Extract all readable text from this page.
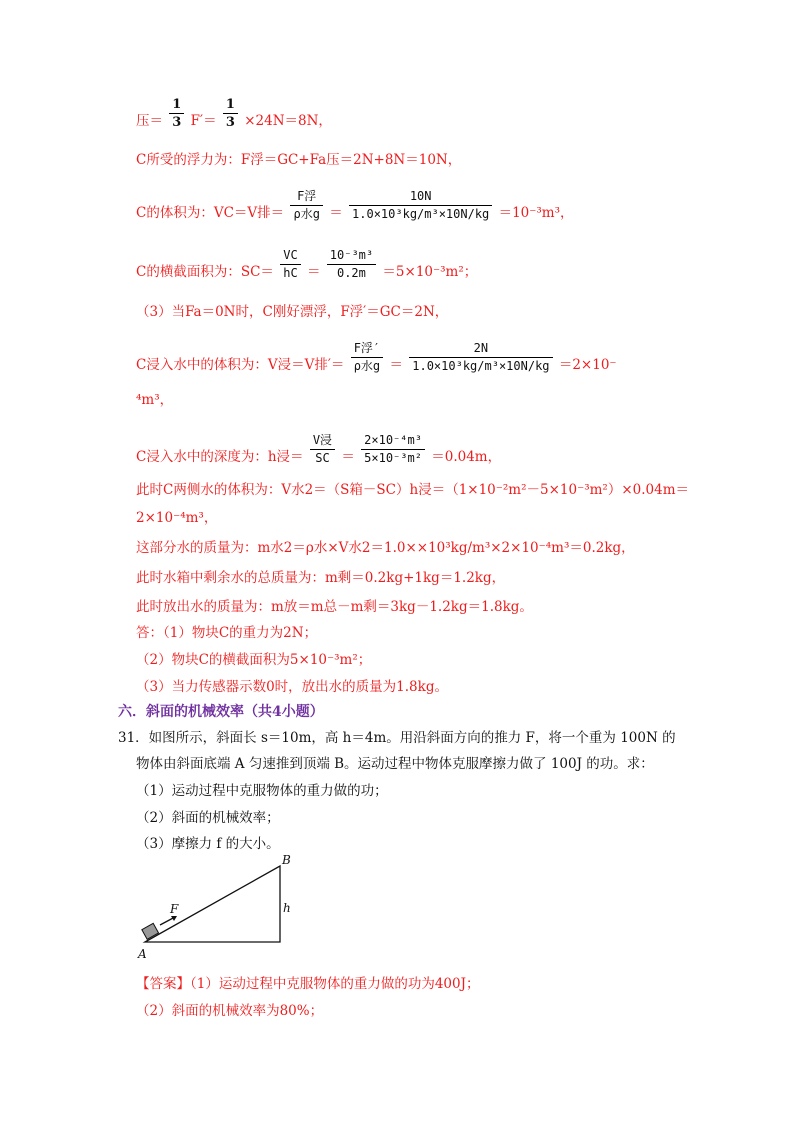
压＝ $\frac{1}{3} F'= \frac{1}{3} \times 24N=8N$，
C所受的浮力为：F浮＝GC+Fa压＝2N+8N＝10N，
C的体积为：VC＝V排＝ $\frac{\text{F浮}}{\text{ρ水g}} = \frac{10N}{\text{1.0×10³kg/m³×10N/kg}} =10^{-3}m^3$，
C的横截面积为：$SC= \frac{VC}{hC} = \frac{\text{10⁻³m³}}{0.2m} =5\times 10^{-3}m^2$；
（3）当Fa＝0N时，C刚好漂浮，F浮′＝GC＝2N，
C浸入水中的体积为：V浸＝V排′＝ $\frac{\text{F浮′}}{\text{ρ水g}} = \frac{2N}{\text{1.0×10³kg/m³×10N/kg}} =2\times 10^-$
⁴m³，
C浸入水中的深度为：h浸＝ $\frac{\text{V浸}}{SC} = \frac{\text{2×10⁻⁴m³}}{\text{5×10⁻³m²}} =0.04m$，
此时C两侧水的体积为：V水2＝（S箱－SC）h浸＝（1×10⁻²m²－5×10⁻³m²）×0.04m＝
2×10⁻⁴m³，
这部分水的质量为：m水2＝ρ水×V水2＝1.0××10³kg/m³×2×10⁻⁴m³＝0.2kg，
此时水箱中剩余水的总质量为：m剩＝0.2kg+1kg＝1.2kg，
此时放出水的质量为：m放＝m总－m剩＝3kg－1.2kg＝1.8kg。
答：（1）物块C的重力为2N；
（2）物块C的横截面积为5×10⁻³m²；
（3）当力传感器示数0时，放出水的质量为1.8kg。
六．斜面的机械效率（共4小题）
31．如图所示，斜面长 s＝10m，高 h＝4m。用沿斜面方向的推力 F，将一个重为 100N 的
物体由斜面底端 A 匀速推到顶端 B。运动过程中物体克服摩擦力做了 100J 的功。求：
（1）运动过程中克服物体的重力做的功；
（2）斜面的机械效率；
（3）摩擦力 f 的大小。
F
B
h
A
【答案】（1）运动过程中克服物体的重力做的功为400J；
（2）斜面的机械效率为80%；
